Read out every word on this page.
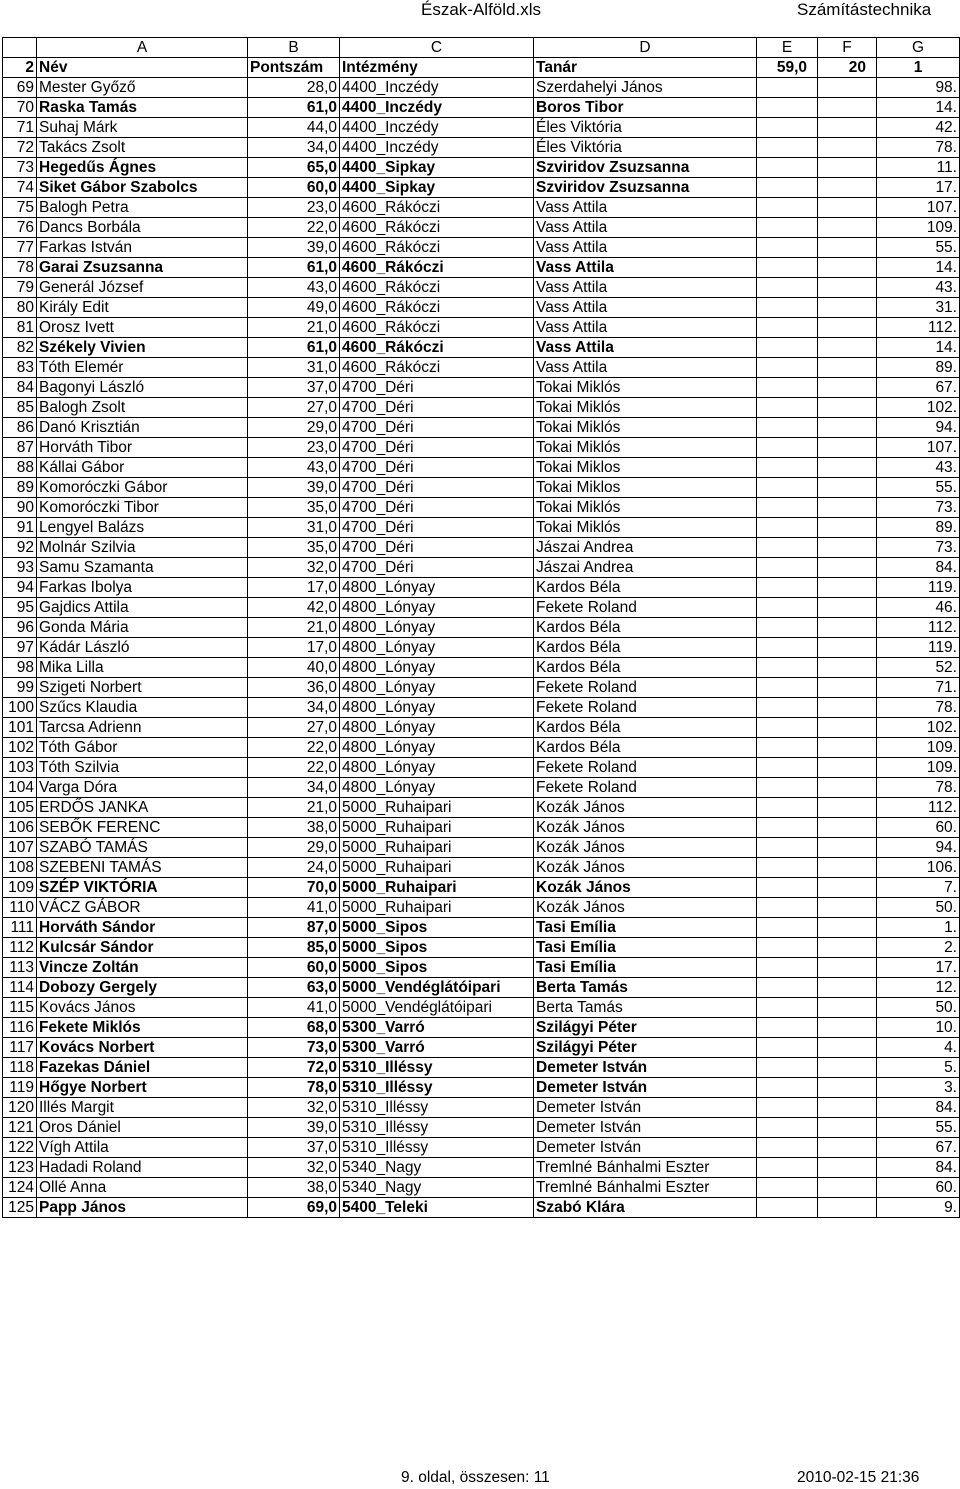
Észak-Alföld.xls	Számítástechnika
	A	B	C	D	E	F	G
2	Név	Pontszám	Intézmény	Tanár	59,0	20	1
69	Mester Győző	28,0	4400_Inczédy	Szerdahelyi János			98.
70	Raska Tamás	61,0	4400_Inczédy	Boros Tibor			14.
71	Suhaj Márk	44,0	4400_Inczédy	Éles Viktória			42.
72	Takács Zsolt	34,0	4400_Inczédy	Éles Viktória			78.
73	Hegedűs Ágnes	65,0	4400_Sipkay	Szviridov Zsuzsanna			11.
74	Siket Gábor Szabolcs	60,0	4400_Sipkay	Szviridov Zsuzsanna			17.
75	Balogh Petra	23,0	4600_Rákóczi	Vass Attila			107.
76	Dancs Borbála	22,0	4600_Rákóczi	Vass Attila			109.
77	Farkas István	39,0	4600_Rákóczi	Vass Attila			55.
78	Garai Zsuzsanna	61,0	4600_Rákóczi	Vass Attila			14.
79	Generál József	43,0	4600_Rákóczi	Vass Attila			43.
80	Király Edit	49,0	4600_Rákóczi	Vass Attila			31.
81	Orosz Ivett	21,0	4600_Rákóczi	Vass Attila			112.
82	Székely Vivien	61,0	4600_Rákóczi	Vass Attila			14.
83	Tóth Elemér	31,0	4600_Rákóczi	Vass Attila			89.
84	Bagonyi László	37,0	4700_Déri	Tokai Miklós			67.
85	Balogh Zsolt	27,0	4700_Déri	Tokai Miklós			102.
86	Danó Krisztián	29,0	4700_Déri	Tokai Miklós			94.
87	Horváth Tibor	23,0	4700_Déri	Tokai Miklós			107.
88	Kállai Gábor	43,0	4700_Déri	Tokai Miklos			43.
89	Komoróczki Gábor	39,0	4700_Déri	Tokai Miklos			55.
90	Komoróczki Tibor	35,0	4700_Déri	Tokai Miklós			73.
91	Lengyel Balázs	31,0	4700_Déri	Tokai Miklós			89.
92	Molnár Szilvia	35,0	4700_Déri	Jászai Andrea			73.
93	Samu Szamanta	32,0	4700_Déri	Jászai Andrea			84.
94	Farkas Ibolya	17,0	4800_Lónyay	Kardos Béla			119.
95	Gajdics Attila	42,0	4800_Lónyay	Fekete Roland			46.
96	Gonda Mária	21,0	4800_Lónyay	Kardos Béla			112.
97	Kádár László	17,0	4800_Lónyay	Kardos Béla			119.
98	Mika Lilla	40,0	4800_Lónyay	Kardos Béla			52.
99	Szigeti Norbert	36,0	4800_Lónyay	Fekete Roland			71.
100	Szűcs Klaudia	34,0	4800_Lónyay	Fekete Roland			78.
101	Tarcsa Adrienn	27,0	4800_Lónyay	Kardos Béla			102.
102	Tóth Gábor	22,0	4800_Lónyay	Kardos Béla			109.
103	Tóth Szilvia	22,0	4800_Lónyay	Fekete Roland			109.
104	Varga Dóra	34,0	4800_Lónyay	Fekete Roland			78.
105	ERDŐS JANKA	21,0	5000_Ruhaipari	Kozák János			112.
106	SEBŐK FERENC	38,0	5000_Ruhaipari	Kozák János			60.
107	SZABÓ TAMÁS	29,0	5000_Ruhaipari	Kozák János			94.
108	SZEBENI TAMÁS	24,0	5000_Ruhaipari	Kozák János			106.
109	SZÉP VIKTÓRIA	70,0	5000_Ruhaipari	Kozák János			7.
110	VÁCZ GÁBOR	41,0	5000_Ruhaipari	Kozák János			50.
111	Horváth Sándor	87,0	5000_Sipos	Tasi Emília			1.
112	Kulcsár Sándor	85,0	5000_Sipos	Tasi Emília			2.
113	Vincze Zoltán	60,0	5000_Sipos	Tasi Emília			17.
114	Dobozy Gergely	63,0	5000_Vendéglátóipari	Berta Tamás			12.
115	Kovács János	41,0	5000_Vendéglátóipari	Berta Tamás			50.
116	Fekete Miklós	68,0	5300_Varró	Szilágyi Péter			10.
117	Kovács Norbert	73,0	5300_Varró	Szilágyi Péter			4.
118	Fazekas Dániel	72,0	5310_Illéssy	Demeter István			5.
119	Hőgye Norbert	78,0	5310_Illéssy	Demeter István			3.
120	Illés Margit	32,0	5310_Illéssy	Demeter István			84.
121	Oros Dániel	39,0	5310_Illéssy	Demeter István			55.
122	Vígh Attila	37,0	5310_Illéssy	Demeter István			67.
123	Hadadi Roland	32,0	5340_Nagy	Tremlné Bánhalmi Eszter			84.
124	Ollé Anna	38,0	5340_Nagy	Tremlné Bánhalmi Eszter			60.
125	Papp János	69,0	5400_Teleki	Szabó Klára			9.
9. oldal, összesen: 11	2010-02-15 21:36
